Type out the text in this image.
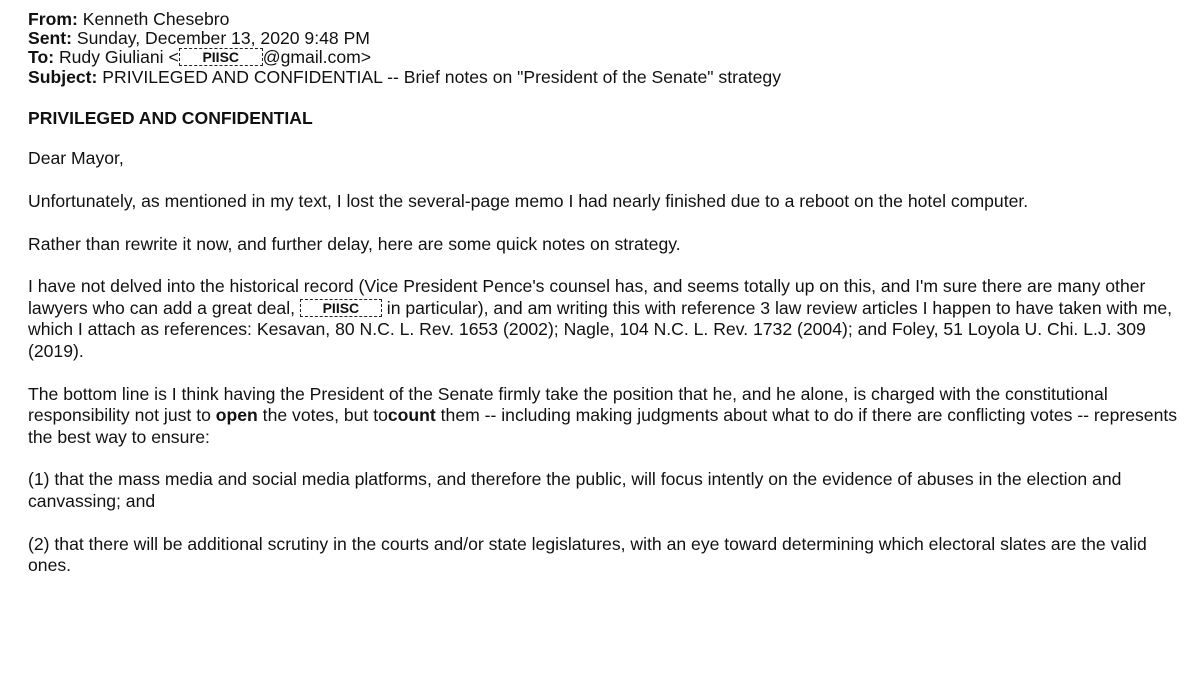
From: Kenneth Chesebro
Sent: Sunday, December 13, 2020 9:48 PM
To: Rudy Giuliani < PIISC @gmail.com>
Subject: PRIVILEGED AND CONFIDENTIAL -- Brief notes on "President of the Senate" strategy
PRIVILEGED AND CONFIDENTIAL
Dear Mayor,
Unfortunately, as mentioned in my text, I lost the several-page memo I had nearly finished due to a reboot on the hotel computer.
Rather than rewrite it now, and further delay, here are some quick notes on strategy.
I have not delved into the historical record (Vice President Pence's counsel has, and seems totally up on this, and I'm sure there are many other lawyers who can add a great deal, PIISC in particular), and am writing this with reference 3 law review articles I happen to have taken with me, which I attach as references: Kesavan, 80 N.C. L. Rev. 1653 (2002); Nagle, 104 N.C. L. Rev. 1732 (2004); and Foley, 51 Loyola U. Chi. L.J. 309 (2019).
The bottom line is I think having the President of the Senate firmly take the position that he, and he alone, is charged with the constitutional responsibility not just to open the votes, but tocount them -- including making judgments about what to do if there are conflicting votes -- represents the best way to ensure:
(1) that the mass media and social media platforms, and therefore the public, will focus intently on the evidence of abuses in the election and canvassing; and
(2) that there will be additional scrutiny in the courts and/or state legislatures, with an eye toward determining which electoral slates are the valid ones.
